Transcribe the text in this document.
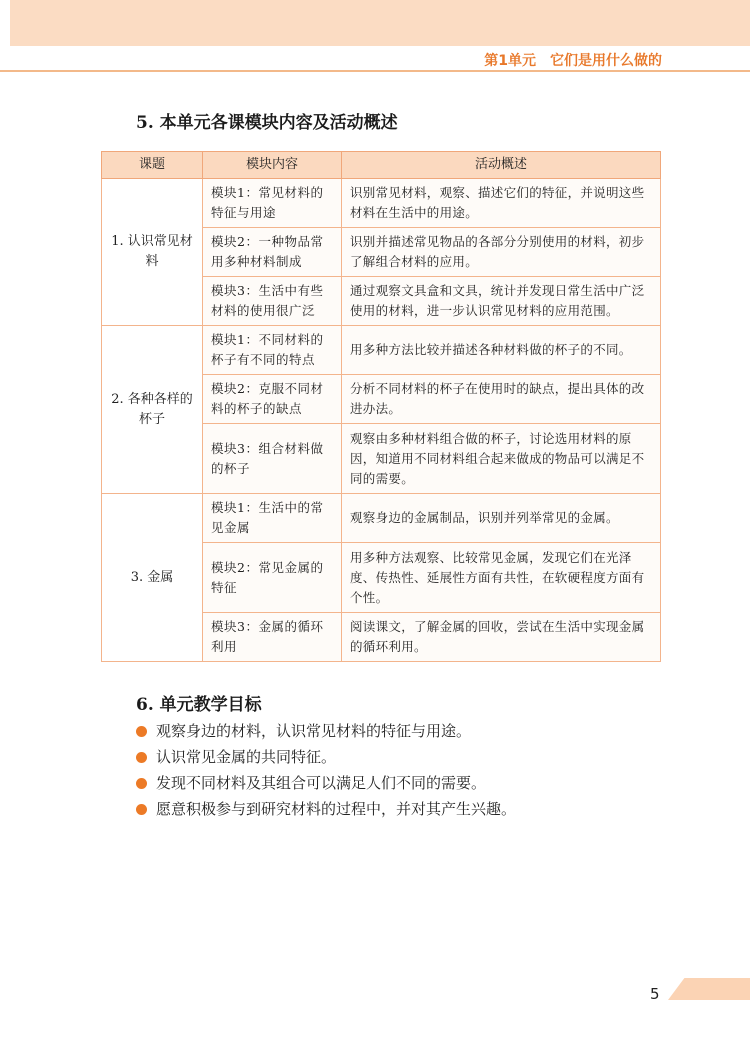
第1单元　它们是用什么做的
5. 本单元各课模块内容及活动概述
课题	模块内容	活动概述
1. 认识常见材料	模块1：常见材料的特征与用途	识别常见材料，观察、描述它们的特征，并说明这些材料在生活中的用途。
	模块2：一种物品常用多种材料制成	识别并描述常见物品的各部分分别使用的材料，初步了解组合材料的应用。
	模块3：生活中有些材料的使用很广泛	通过观察文具盒和文具，统计并发现日常生活中广泛使用的材料，进一步认识常见材料的应用范围。
2. 各种各样的杯子	模块1：不同材料的杯子有不同的特点	用多种方法比较并描述各种材料做的杯子的不同。
	模块2：克服不同材料的杯子的缺点	分析不同材料的杯子在使用时的缺点，提出具体的改进办法。
	模块3：组合材料做的杯子	观察由多种材料组合做的杯子，讨论选用材料的原因，知道用不同材料组合起来做成的物品可以满足不同的需要。
3. 金属	模块1：生活中的常见金属	观察身边的金属制品，识别并列举常见的金属。
	模块2：常见金属的特征	用多种方法观察、比较常见金属，发现它们在光泽度、传热性、延展性方面有共性，在软硬程度方面有个性。
	模块3：金属的循环利用	阅读课文，了解金属的回收，尝试在生活中实现金属的循环利用。
6. 单元教学目标
观察身边的材料，认识常见材料的特征与用途。
认识常见金属的共同特征。
发现不同材料及其组合可以满足人们不同的需要。
愿意积极参与到研究材料的过程中，并对其产生兴趣。
5
